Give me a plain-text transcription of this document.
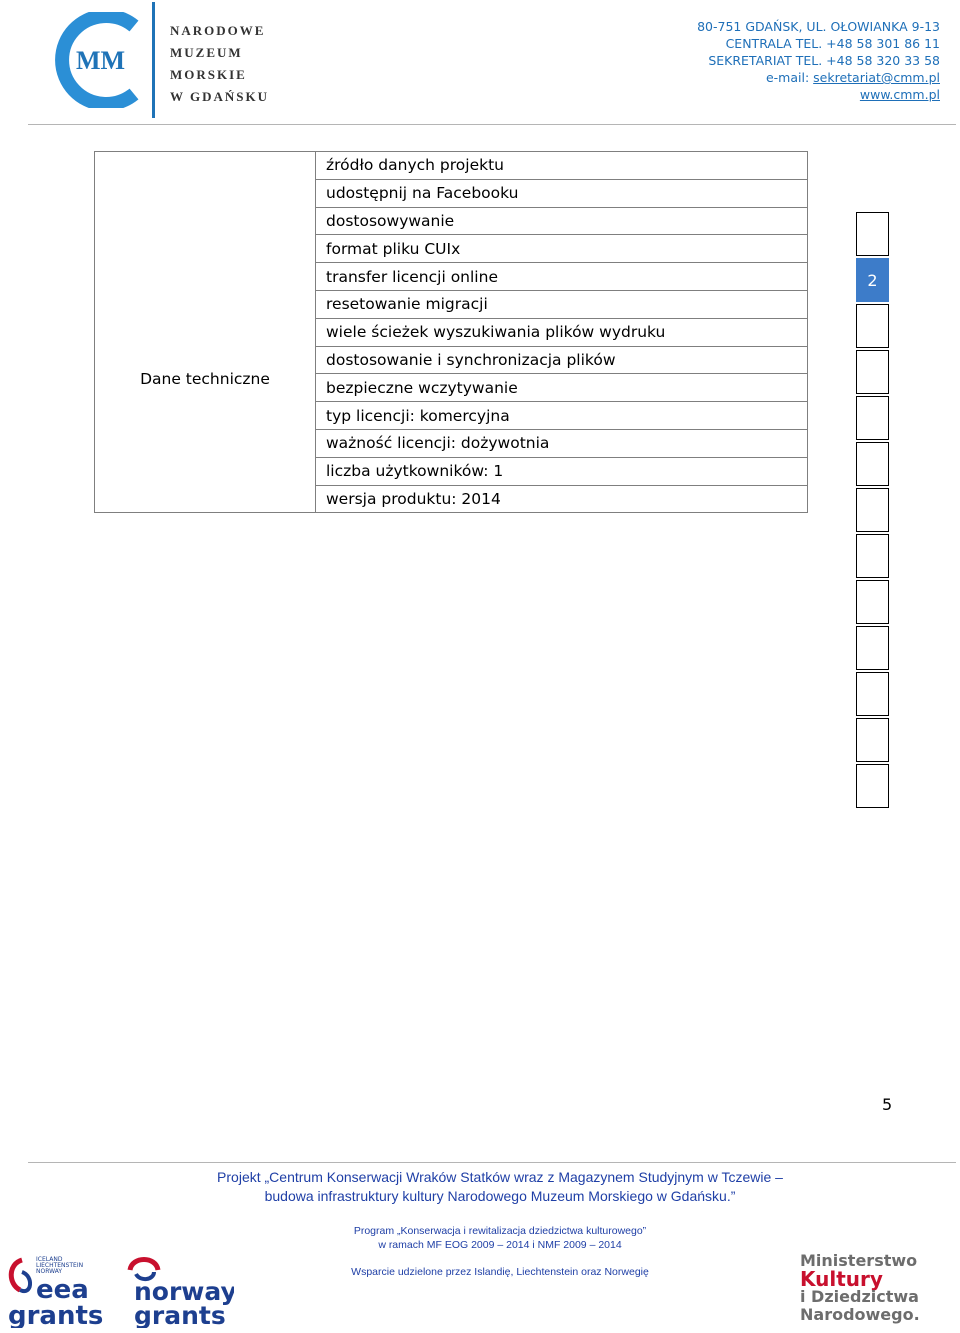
MM
NARODOWE
MUZEUM
MORSKIE
W GDAŃSKU
80-751 GDAŃSK, UL. OŁOWIANKA 9-13
CENTRALA TEL. +48 58 301 86 11
SEKRETARIAT TEL. +48 58 320 33 58
e-mail: sekretariat@cmm.pl
www.cmm.pl
Dane techniczne
	źródło danych projektu
udostępnij na Facebooku
dostosowywanie
format pliku CUIx
transfer licencji online
resetowanie migracji
wiele ścieżek wyszukiwania plików wydruku
dostosowanie i synchronizacja plików
bezpieczne wczytywanie
typ licencji: komercyjna
ważność licencji: dożywotnia
liczba użytkowników: 1
wersja produktu: 2014
2
5
Projekt „Centrum Konserwacji Wraków Statków wraz z Magazynem Studyjnym w Tczewie –
budowa infrastruktury kultury Narodowego Muzeum Morskiego w Gdańsku.”
Program „Konserwacja i rewitalizacja dziedzictwa kulturowego”
w ramach MF EOG 2009 – 2014 i NMF 2009 – 2014
Wsparcie udzielone przez Islandię, Liechtenstein oraz Norwegię
ICELAND
LIECHTENSTEIN
NORWAY
eea
grants
norway
grants
Ministerstwo
Kultury
i Dziedzictwa
Narodowego.
